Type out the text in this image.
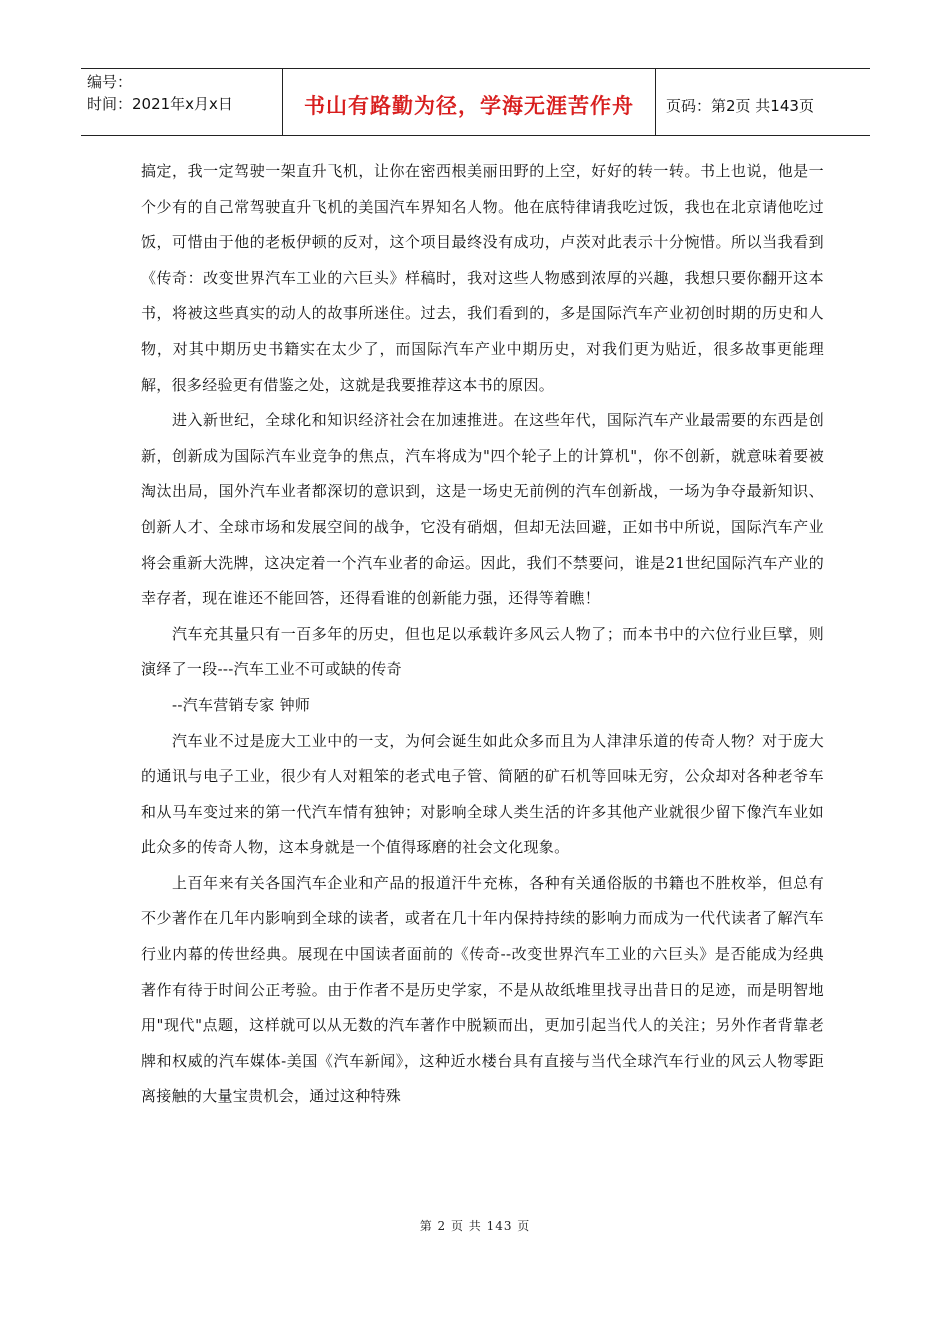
编号：
时间：2021年x月x日	书山有路勤为径，学海无涯苦作舟	页码：第2页 共143页

搞定，我一定驾驶一架直升飞机，让你在密西根美丽田野的上空，好好的转一转。书上也说，他是一个少有的自己常驾驶直升飞机的美国汽车界知名人物。他在底特律请我吃过饭，我也在北京请他吃过饭，可惜由于他的老板伊顿的反对，这个项目最终没有成功，卢茨对此表示十分惋惜。所以当我看到《传奇：改变世界汽车工业的六巨头》样稿时，我对这些人物感到浓厚的兴趣，我想只要你翻开这本书，将被这些真实的动人的故事所迷住。过去，我们看到的，多是国际汽车产业初创时期的历史和人物，对其中期历史书籍实在太少了，而国际汽车产业中期历史，对我们更为贴近，很多故事更能理解，很多经验更有借鉴之处，这就是我要推荐这本书的原因。

进入新世纪，全球化和知识经济社会在加速推进。在这些年代，国际汽车产业最需要的东西是创新，创新成为国际汽车业竞争的焦点，汽车将成为"四个轮子上的计算机"，你不创新，就意味着要被淘汰出局，国外汽车业者都深切的意识到，这是一场史无前例的汽车创新战，一场为争夺最新知识、创新人才、全球市场和发展空间的战争，它没有硝烟，但却无法回避，正如书中所说，国际汽车产业将会重新大洗牌，这决定着一个汽车业者的命运。因此，我们不禁要问，谁是21世纪国际汽车产业的幸存者，现在谁还不能回答，还得看谁的创新能力强，还得等着瞧！

汽车充其量只有一百多年的历史，但也足以承载许多风云人物了；而本书中的六位行业巨擘，则演绎了一段---汽车工业不可或缺的传奇

--汽车营销专家 钟师

汽车业不过是庞大工业中的一支，为何会诞生如此众多而且为人津津乐道的传奇人物？对于庞大的通讯与电子工业，很少有人对粗笨的老式电子管、简陋的矿石机等回味无穷，公众却对各种老爷车和从马车变过来的第一代汽车情有独钟；对影响全球人类生活的许多其他产业就很少留下像汽车业如此众多的传奇人物，这本身就是一个值得琢磨的社会文化现象。

上百年来有关各国汽车企业和产品的报道汗牛充栋，各种有关通俗版的书籍也不胜枚举，但总有不少著作在几年内影响到全球的读者，或者在几十年内保持持续的影响力而成为一代代读者了解汽车行业内幕的传世经典。展现在中国读者面前的《传奇--改变世界汽车工业的六巨头》是否能成为经典著作有待于时间公正考验。由于作者不是历史学家，不是从故纸堆里找寻出昔日的足迹，而是明智地用"现代"点题，这样就可以从无数的汽车著作中脱颖而出，更加引起当代人的关注；另外作者背靠老牌和权威的汽车媒体-美国《汽车新闻》，这种近水楼台具有直接与当代全球汽车行业的风云人物零距离接触的大量宝贵机会，通过这种特殊

第 2 页 共 143 页
